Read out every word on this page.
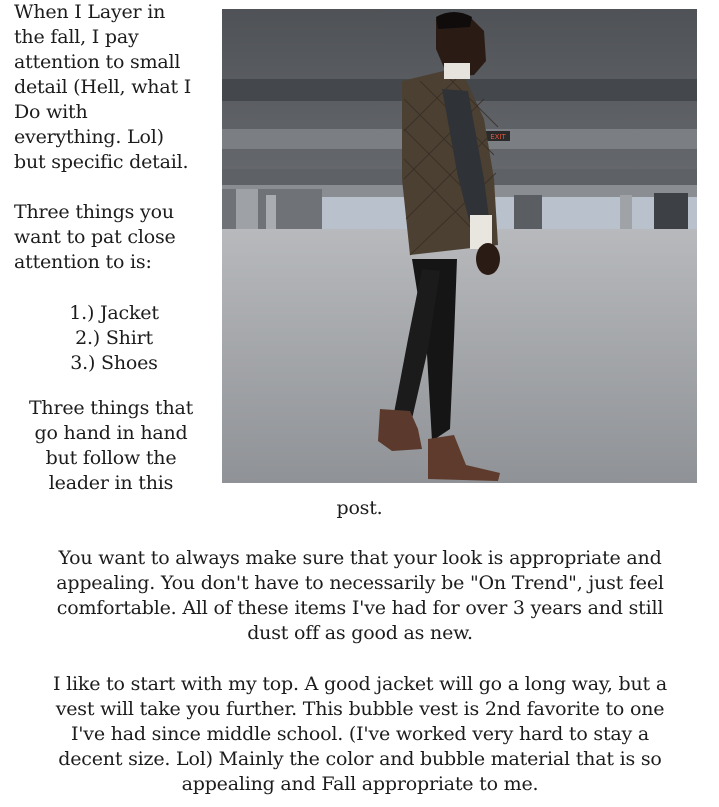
When I Layer in
the fall, I pay
attention to small
detail (Hell, what I
Do with
everything. Lol)
but specific detail.
Three things you
want to pat close
attention to is:
1.) Jacket
2.) Shirt
3.) Shoes
Three things that
go hand in hand
but follow the
leader in this
EXIT
post.
You want to always make sure that your look is appropriate and
appealing. You don't have to necessarily be "On Trend", just feel
comfortable. All of these items I've had for over 3 years and still
dust off as good as new.
I like to start with my top. A good jacket will go a long way, but a
vest will take you further. This bubble vest is 2nd favorite to one
I've had since middle school. (I've worked very hard to stay a
decent size. Lol) Mainly the color and bubble material that is so
appealing and Fall appropriate to me.
